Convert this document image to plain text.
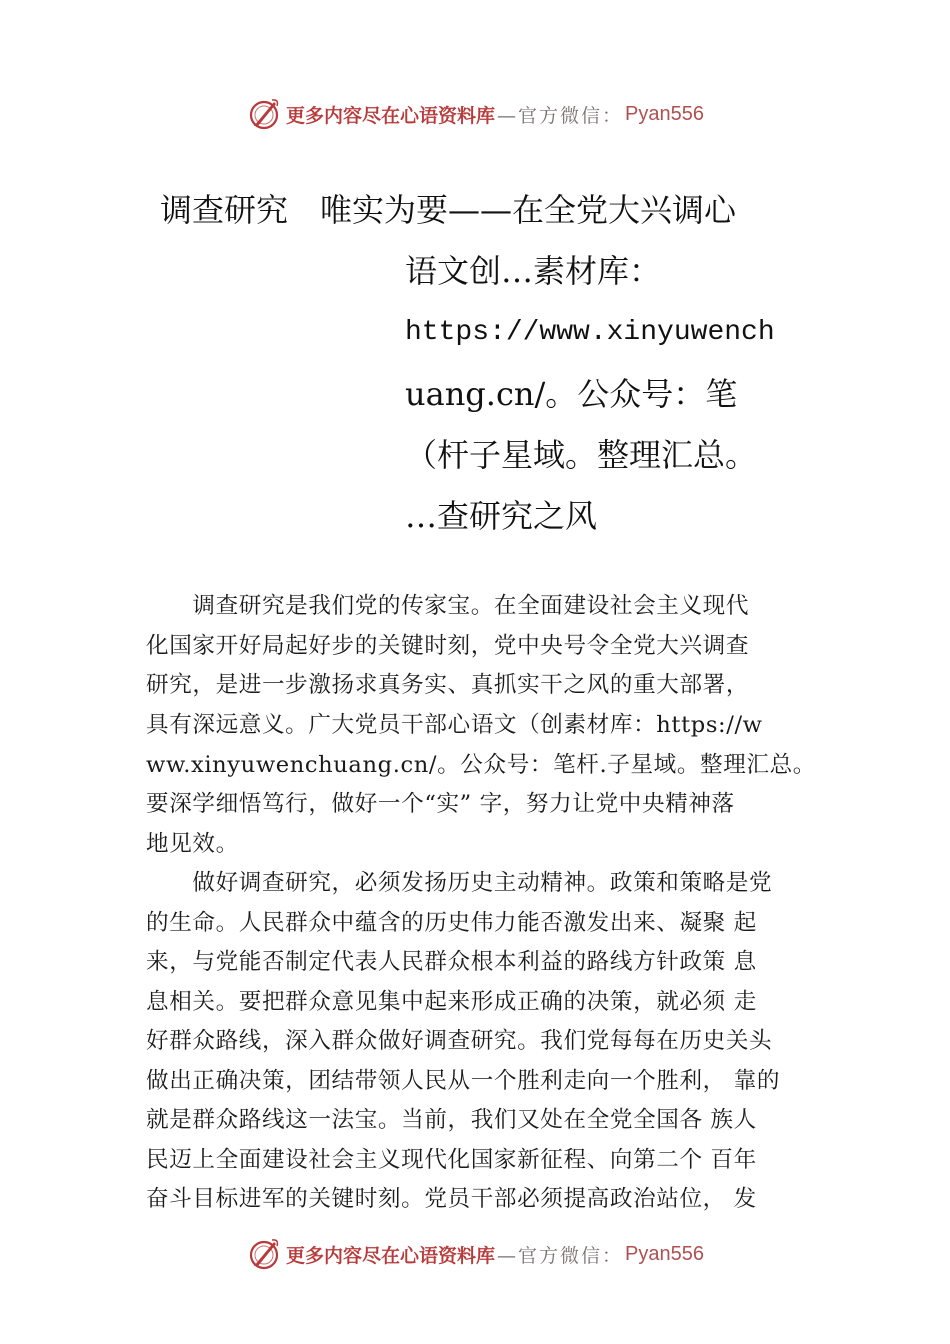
更多内容尽在心语资料库 —官方微信： Pyan556
调查研究　唯实为要——在全党大兴调心
语文创…素材库：
https://www.xinyuwench
uang.cn/。公众号：笔
（杆子星域。整理汇总。
…查研究之风
　　调查研究是我们党的传家宝。在全面建设社会主义现代
化国家开好局起好步的关键时刻，党中央号令全党大兴调查
研究，是进一步激扬求真务实、真抓实干之风的重大部署，
具有深远意义。广大党员干部心语文（创素材库：https://w
ww.xinyuwenchuang.cn/。公众号：笔杆.子星域。整理汇总。
要深学细悟笃行，做好一个“实” 字，努力让党中央精神落
地见效。
　　做好调查研究，必须发扬历史主动精神。政策和策略是党
的生命。人民群众中蕴含的历史伟力能否激发出来、凝聚 起
来，与党能否制定代表人民群众根本利益的路线方针政策 息
息相关。要把群众意见集中起来形成正确的决策，就必须 走
好群众路线，深入群众做好调查研究。我们党每每在历史关头
做出正确决策，团结带领人民从一个胜利走向一个胜利， 靠的
就是群众路线这一法宝。当前，我们又处在全党全国各 族人
民迈上全面建设社会主义现代化国家新征程、向第二个 百年
奋斗目标进军的关键时刻。党员干部必须提高政治站位， 发
更多内容尽在心语资料库 —官方微信： Pyan556
